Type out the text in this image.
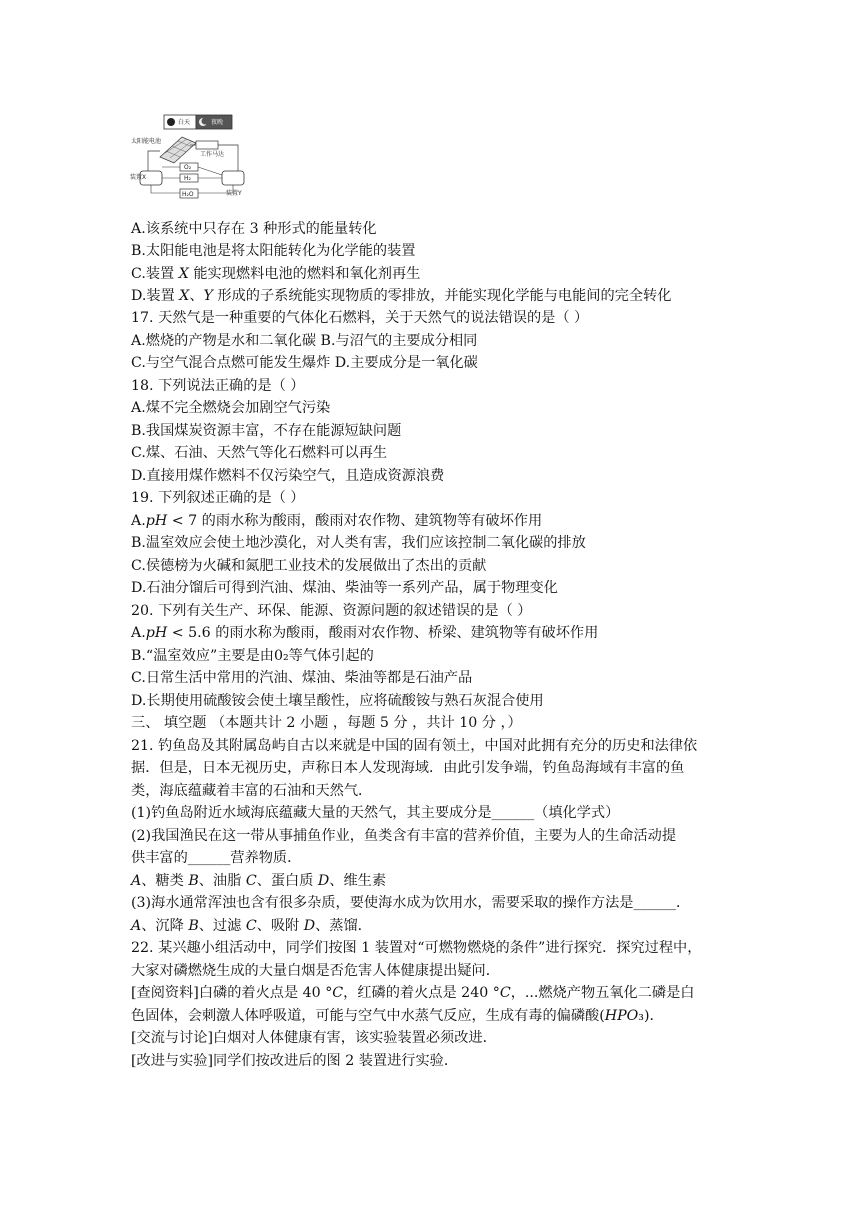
白天	夜晚
太阳能电池
工作马达
装置X
装置Y
O₂
H₂
H₂O
A.该系统中只存在 3 种形式的能量转化
B.太阳能电池是将太阳能转化为化学能的装置
C.装置 𝑋 能实现燃料电池的燃料和氧化剂再生
D.装置 𝑋、𝑌 形成的子系统能实现物质的零排放，并能实现化学能与电能间的完全转化
17. 天然气是一种重要的气体化石燃料，关于天然气的说法错误的是（ ）
A.燃烧的产物是水和二氧化碳 B.与沼气的主要成分相同
C.与空气混合点燃可能发生爆炸 D.主要成分是一氧化碳
18. 下列说法正确的是（ ）
A.煤不完全燃烧会加剧空气污染
B.我国煤炭资源丰富，不存在能源短缺问题
C.煤、石油、天然气等化石燃料可以再生
D.直接用煤作燃料不仅污染空气，且造成资源浪费
19. 下列叙述正确的是（ ）
A.𝑝𝐻 < 7 的雨水称为酸雨，酸雨对农作物、建筑物等有破坏作用
B.温室效应会使土地沙漠化，对人类有害，我们应该控制二氧化碳的排放
C.侯德榜为火碱和氮肥工业技术的发展做出了杰出的贡献
D.石油分馏后可得到汽油、煤油、柴油等一系列产品，属于物理变化
20. 下列有关生产、环保、能源、资源问题的叙述错误的是（ ）
A.𝑝𝐻 < 5.6 的雨水称为酸雨，酸雨对农作物、桥梁、建筑物等有破坏作用
B.“温室效应”主要是由0₂等气体引起的
C.日常生活中常用的汽油、煤油、柴油等都是石油产品
D.长期使用硫酸铵会使土壤呈酸性，应将硫酸铵与熟石灰混合使用
三、 填空题 （本题共计 2 小题 ，每题 5 分 ，共计 10 分 ，）
21. 钓鱼岛及其附属岛屿自古以来就是中国的固有领土，中国对此拥有充分的历史和法律依
据．但是，日本无视历史，声称日本人发现海域．由此引发争端，钓鱼岛海域有丰富的鱼
类，海底蕴藏着丰富的石油和天然气．
(1)钓鱼岛附近水域海底蕴藏大量的天然气，其主要成分是______（填化学式）
(2)我国渔民在这一带从事捕鱼作业，鱼类含有丰富的营养价值，主要为人的生命活动提
供丰富的______营养物质．
𝐴、糖类 𝐵、油脂 𝐶、蛋白质 𝐷、维生素
(3)海水通常浑浊也含有很多杂质，要使海水成为饮用水，需要采取的操作方法是______．
𝐴、沉降 𝐵、过滤 𝐶、吸附 𝐷、蒸馏．
22. 某兴趣小组活动中，同学们按图 1 装置对“可燃物燃烧的条件”进行探究．探究过程中，
大家对磷燃烧生成的大量白烟是否危害人体健康提出疑问．
[查阅资料]白磷的着火点是 40 °𝐶，红磷的着火点是 240 °𝐶，...燃烧产物五氧化二磷是白
色固体，会刺激人体呼吸道，可能与空气中水蒸气反应，生成有毒的偏磷酸(𝐻𝑃𝑂₃)．
[交流与讨论]白烟对人体健康有害，该实验装置必须改进．
[改进与实验]同学们按改进后的图 2 装置进行实验．
